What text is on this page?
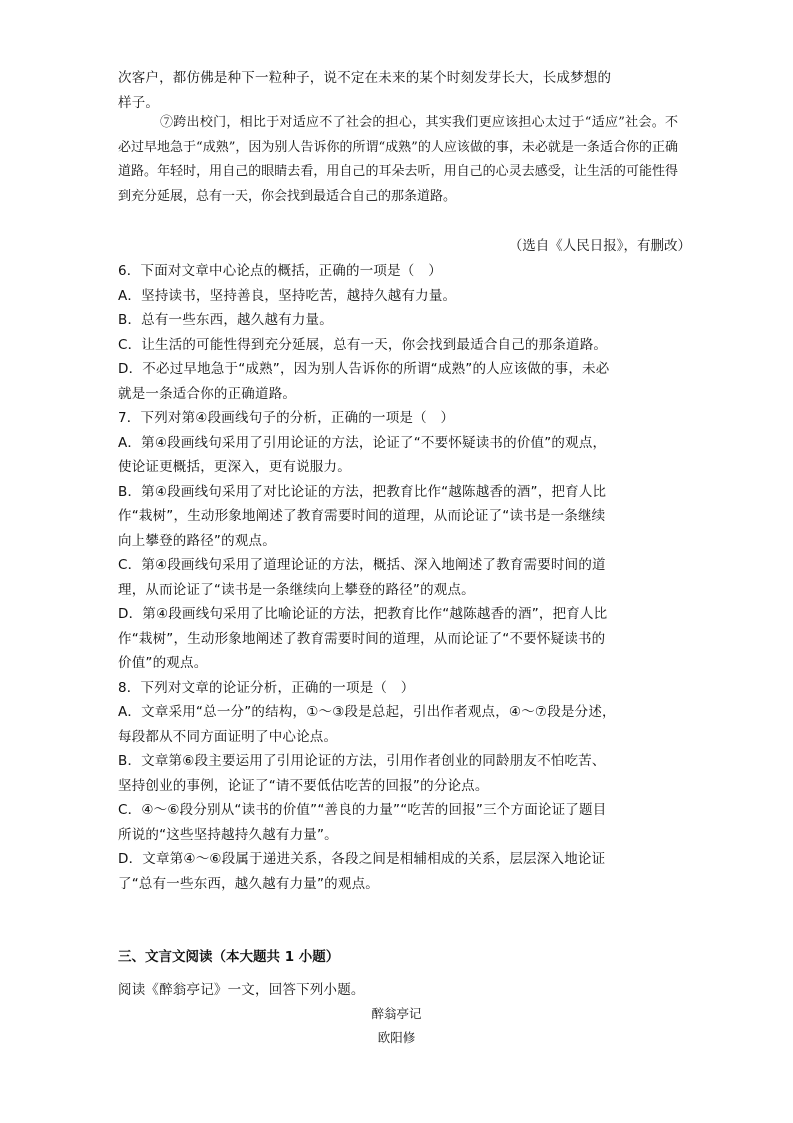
次客户，都仿佛是种下一粒种子，说不定在未来的某个时刻发芽长大，长成梦想的
样子。
⑦跨出校门，相比于对适应不了社会的担心，其实我们更应该担心太过于“适应”社会。不必过早地急于“成熟”，因为别人告诉你的所谓“成熟”的人应该做的事，未必就是一条适合你的正确道路。年轻时，用自己的眼睛去看，用自己的耳朵去听，用自己的心灵去感受，让生活的可能性得到充分延展，总有一天，你会找到最适合自己的那条道路。
（选自《人民日报》，有删改）
6．下面对文章中心论点的概括，正确的一项是（　）
A．坚持读书，坚持善良，坚持吃苦，越持久越有力量。
B．总有一些东西，越久越有力量。
C．让生活的可能性得到充分延展，总有一天，你会找到最适合自己的那条道路。
D．不必过早地急于“成熟”，因为别人告诉你的所谓“成熟”的人应该做的事，未必
就是一条适合你的正确道路。
7．下列对第④段画线句子的分析，正确的一项是（　）
A．第④段画线句采用了引用论证的方法，论证了“不要怀疑读书的价值”的观点，
使论证更概括，更深入，更有说服力。
B．第④段画线句采用了对比论证的方法，把教育比作“越陈越香的酒”，把育人比
作“栽树”，生动形象地阐述了教育需要时间的道理，从而论证了“读书是一条继续
向上攀登的路径”的观点。
C．第④段画线句采用了道理论证的方法，概括、深入地阐述了教育需要时间的道
理，从而论证了“读书是一条继续向上攀登的路径”的观点。
D．第④段画线句采用了比喻论证的方法，把教育比作“越陈越香的酒”，把育人比
作“栽树”，生动形象地阐述了教育需要时间的道理，从而论证了“不要怀疑读书的
价值”的观点。
8．下列对文章的论证分析，正确的一项是（　）
A．文章采用“总一分”的结构，①～③段是总起，引出作者观点，④～⑦段是分述，
每段都从不同方面证明了中心论点。
B．文章第⑥段主要运用了引用论证的方法，引用作者创业的同龄朋友不怕吃苦、
坚持创业的事例，论证了“请不要低估吃苦的回报”的分论点。
C．④～⑥段分别从“读书的价值”“善良的力量”“吃苦的回报”三个方面论证了题目
所说的“这些坚持越持久越有力量”。
D．文章第④～⑥段属于递进关系，各段之间是相辅相成的关系，层层深入地论证
了“总有一些东西，越久越有力量”的观点。
三、文言文阅读（本大题共 1 小题）
阅读《醉翁亭记》一文，回答下列小题。
醉翁亭记
欧阳修
